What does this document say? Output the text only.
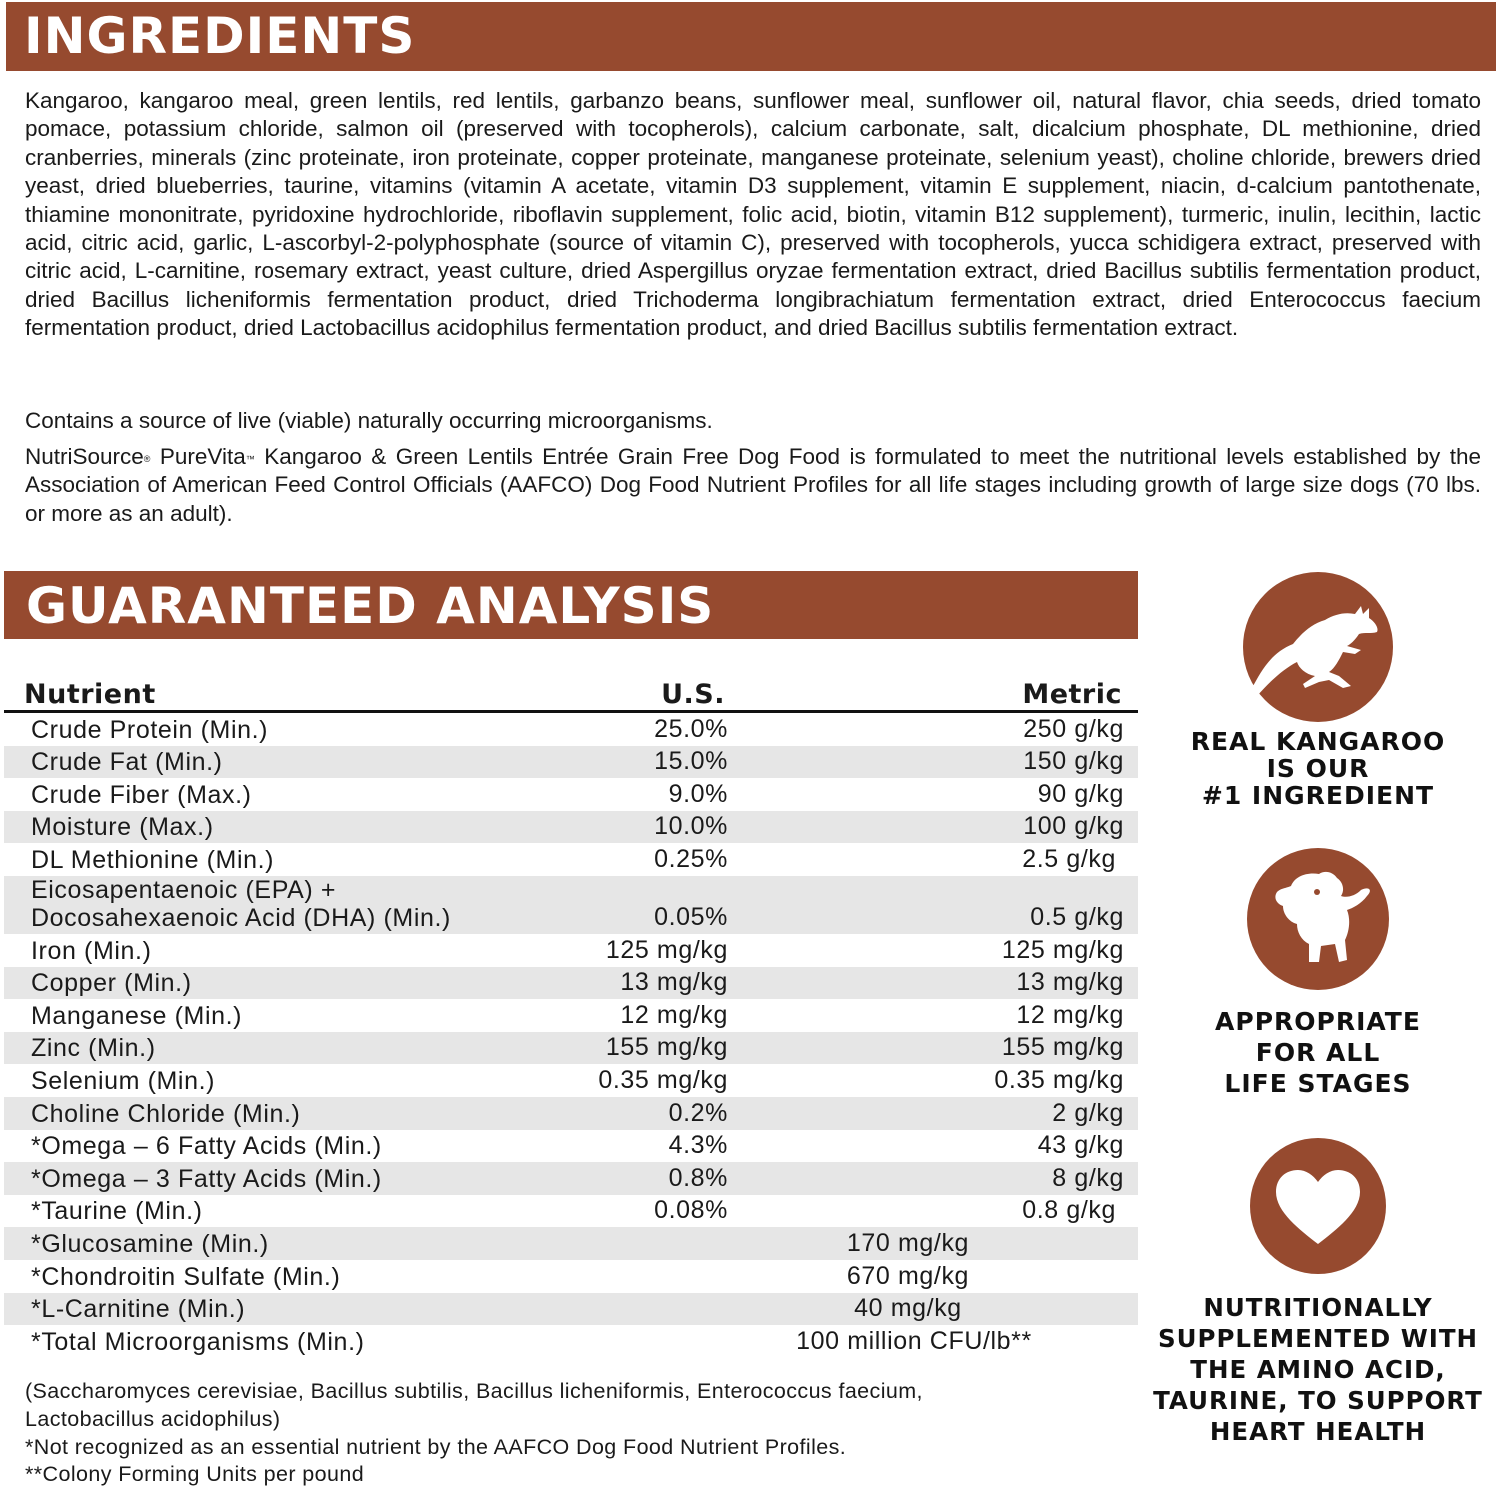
INGREDIENTS

Kangaroo, kangaroo meal, green lentils, red lentils, garbanzo beans, sunflower meal, sunflower oil, natural flavor, chia seeds, dried tomato pomace, potassium chloride, salmon oil (preserved with tocopherols), calcium carbonate, salt, dicalcium phosphate, DL methionine, dried cranberries, minerals (zinc proteinate, iron proteinate, copper proteinate, manganese proteinate, selenium yeast), choline chloride, brewers dried yeast, dried blueberries, taurine, vitamins (vitamin A acetate, vitamin D3 supplement, vitamin E supplement, niacin, d-calcium pantothenate, thiamine mononitrate, pyridoxine hydrochloride, riboflavin supplement, folic acid, biotin, vitamin B12 supplement), turmeric, inulin, lecithin, lactic acid, citric acid, garlic, L-ascorbyl-2-polyphosphate (source of vitamin C), preserved with tocopherols, yucca schidigera extract, preserved with citric acid, L-carnitine, rosemary extract, yeast culture, dried Aspergillus oryzae fermentation extract, dried Bacillus subtilis fermentation product, dried Bacillus licheniformis fermentation product, dried Trichoderma longibrachiatum fermentation extract, dried Enterococcus faecium fermentation product, dried Lactobacillus acidophilus fermentation product, and dried Bacillus subtilis fermentation extract.

Contains a source of live (viable) naturally occurring microorganisms.

NutriSource® PureVita™ Kangaroo & Green Lentils Entrée Grain Free Dog Food is formulated to meet the nutritional levels established by the Association of American Feed Control Officials (AAFCO) Dog Food Nutrient Profiles for all life stages including growth of large size dogs (70 lbs. or more as an adult).

GUARANTEED ANALYSIS
Nutrient	U.S.	Metric
Crude Protein (Min.)	25.0%	250 g/kg
Crude Fat (Min.)	15.0%	150 g/kg
Crude Fiber (Max.)	9.0%	90 g/kg
Moisture (Max.)	10.0%	100 g/kg
DL Methionine (Min.)	0.25%	2.5 g/kg
Eicosapentaenoic (EPA) +
Docosahexaenoic Acid (DHA) (Min.)	0.05%	0.5 g/kg
Iron (Min.)	125 mg/kg	125 mg/kg
Copper (Min.)	13 mg/kg	13 mg/kg
Manganese (Min.)	12 mg/kg	12 mg/kg
Zinc (Min.)	155 mg/kg	155 mg/kg
Selenium (Min.)	0.35 mg/kg	0.35 mg/kg
Choline Chloride (Min.)	0.2%	2 g/kg
*Omega – 6 Fatty Acids (Min.)	4.3%	43 g/kg
*Omega – 3 Fatty Acids (Min.)	0.8%	8 g/kg
*Taurine (Min.)	0.08%	0.8 g/kg
*Glucosamine (Min.)	170 mg/kg
*Chondroitin Sulfate (Min.)	670 mg/kg
*L-Carnitine (Min.)	40 mg/kg
*Total Microorganisms (Min.)	100 million CFU/lb**
(Saccharomyces cerevisiae, Bacillus subtilis, Bacillus licheniformis, Enterococcus faecium,
Lactobacillus acidophilus)
*Not recognized as an essential nutrient by the AAFCO Dog Food Nutrient Profiles.
**Colony Forming Units per pound
REAL KANGAROO
IS OUR
#1 INGREDIENT
APPROPRIATE
FOR ALL
LIFE STAGES
NUTRITIONALLY
SUPPLEMENTED WITH
THE AMINO ACID,
TAURINE, TO SUPPORT
HEART HEALTH
